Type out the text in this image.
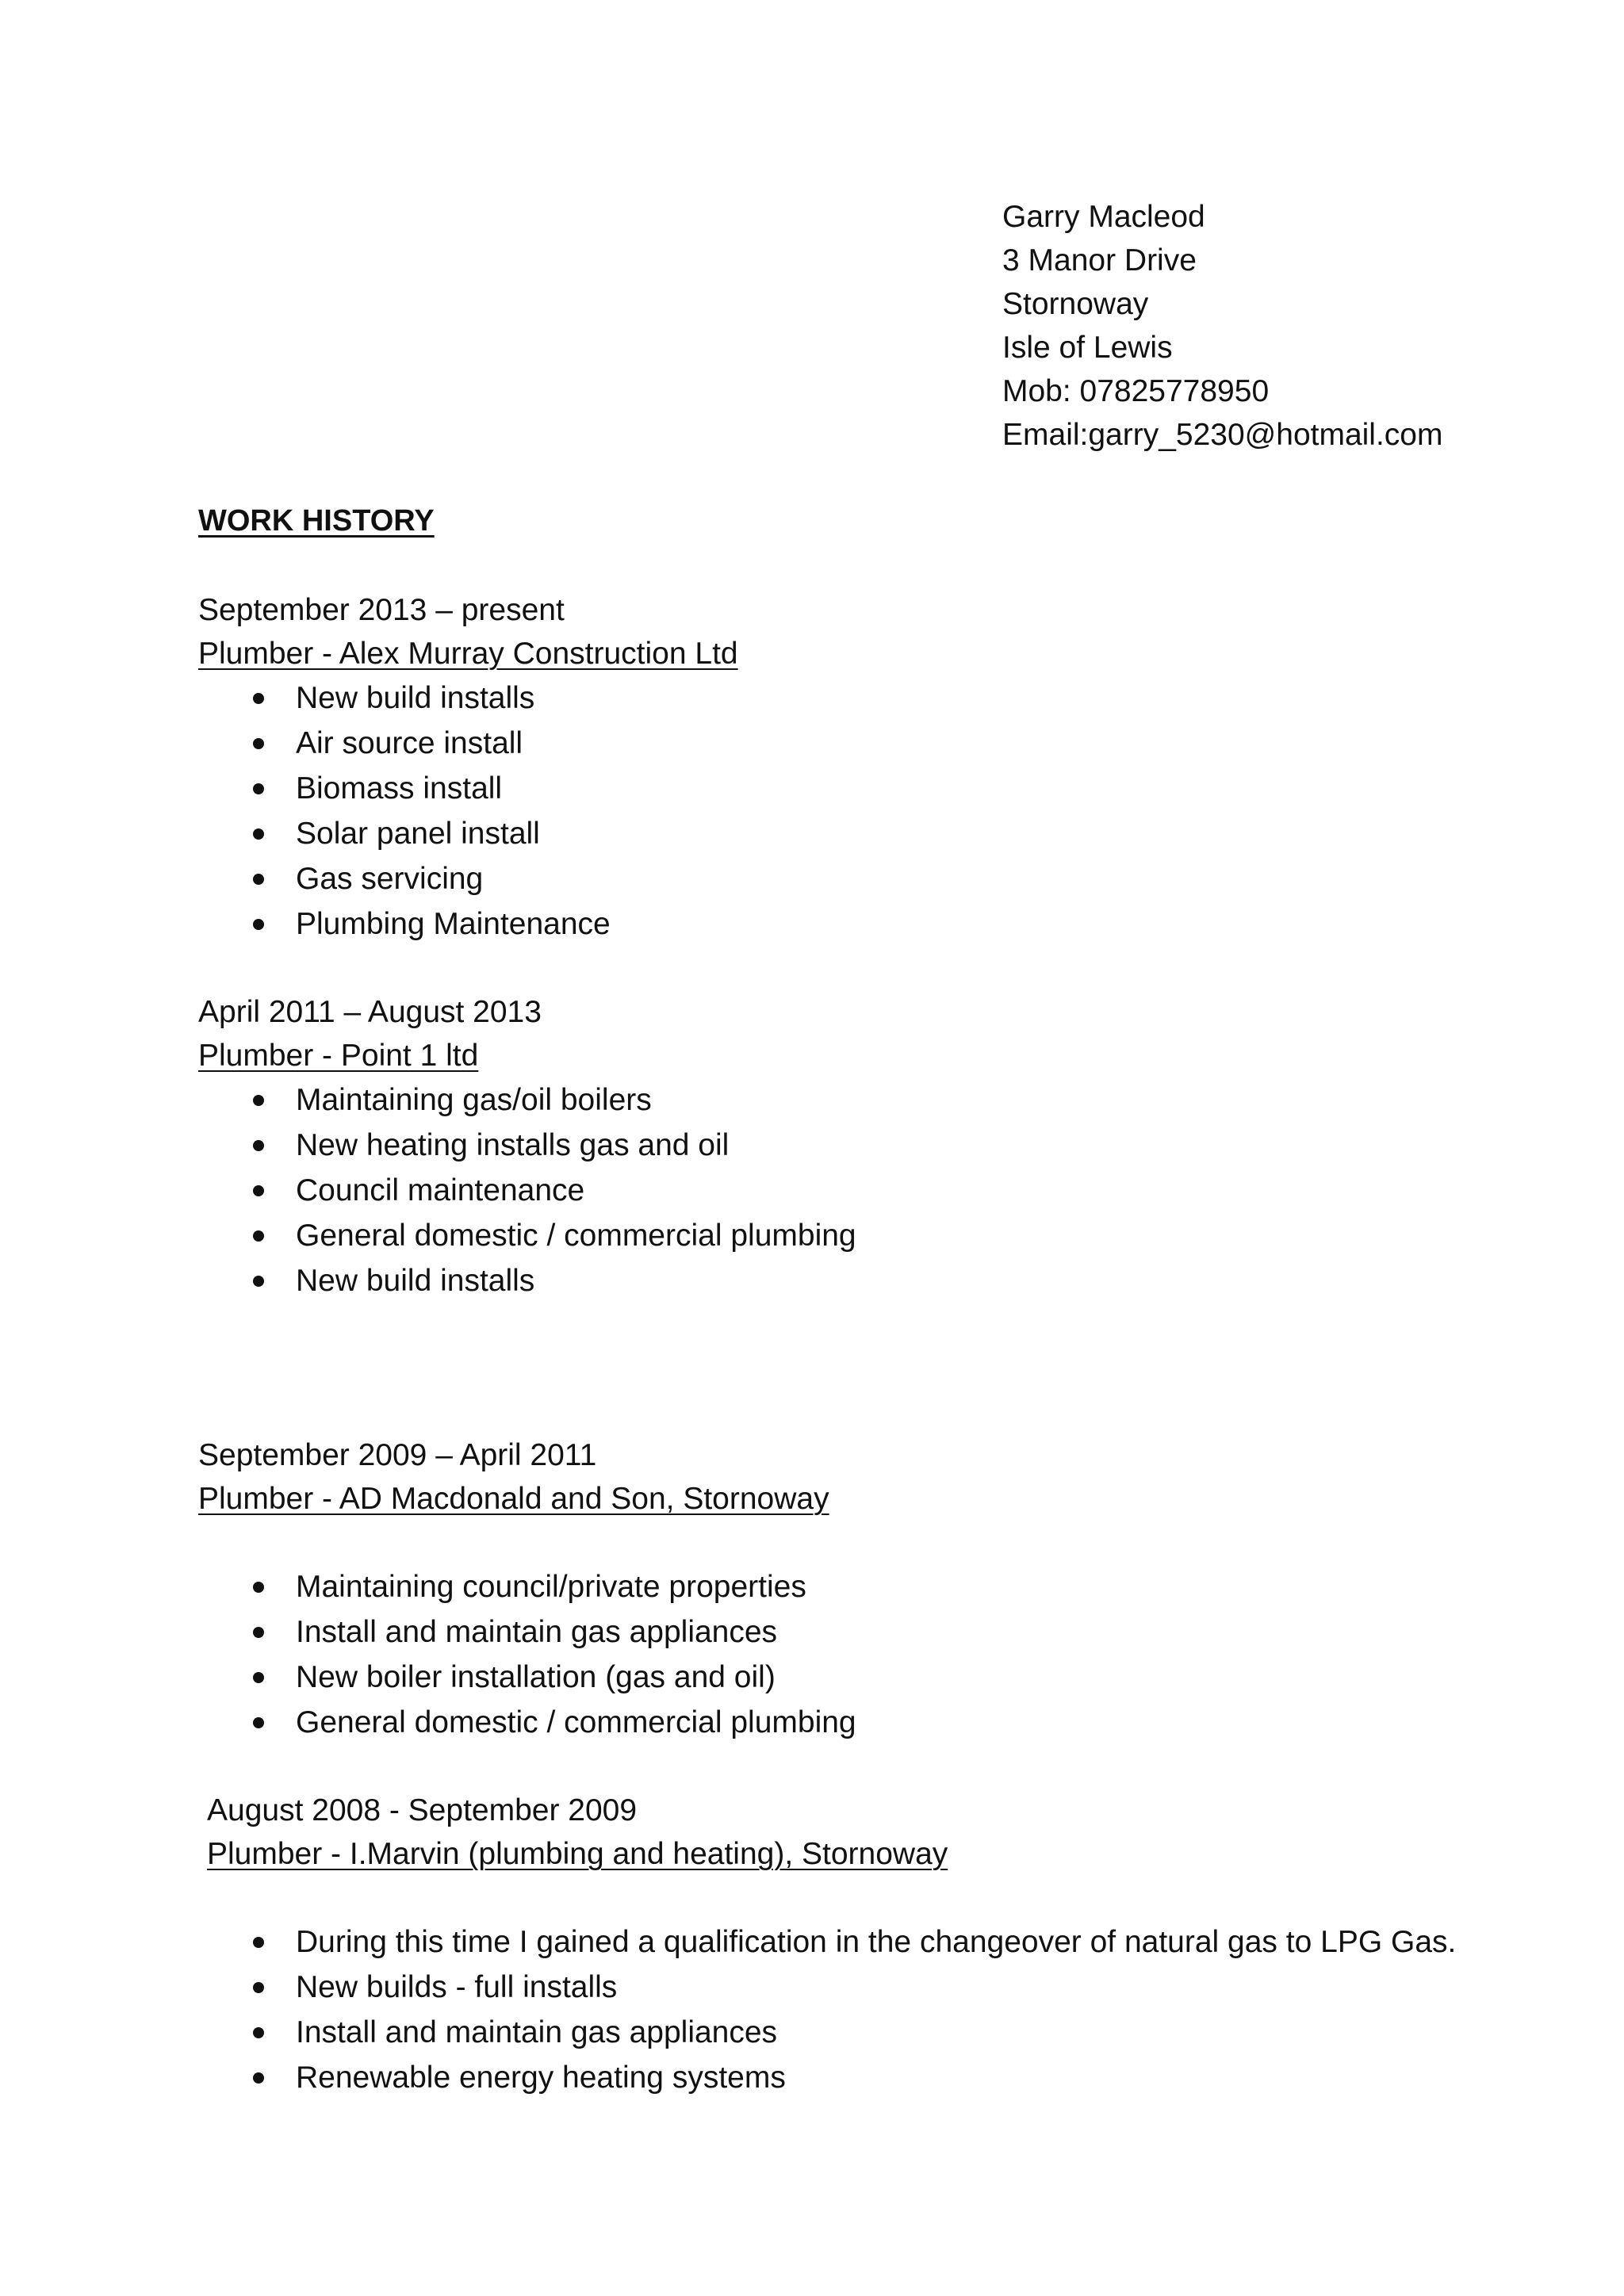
Garry Macleod
3 Manor Drive
Stornoway
Isle of Lewis
Mob: 07825778950
Email:garry_5230@hotmail.com
WORK HISTORY
September 2013 – present
Plumber - Alex Murray Construction Ltd
New build installs
Air source install
Biomass install
Solar panel install
Gas servicing
Plumbing Maintenance
April 2011 – August 2013
Plumber - Point 1 ltd
Maintaining gas/oil boilers
New heating installs gas and oil
Council maintenance
General domestic / commercial plumbing
New build installs
September 2009 – April 2011
Plumber - AD Macdonald and Son, Stornoway
Maintaining council/private properties
Install and maintain gas appliances
New boiler installation (gas and oil)
General domestic / commercial plumbing
August 2008 - September 2009
Plumber - I.Marvin (plumbing and heating), Stornoway
During this time I gained a qualification in the changeover of natural gas to LPG Gas.
New builds - full installs
Install and maintain gas appliances
Renewable energy heating systems
